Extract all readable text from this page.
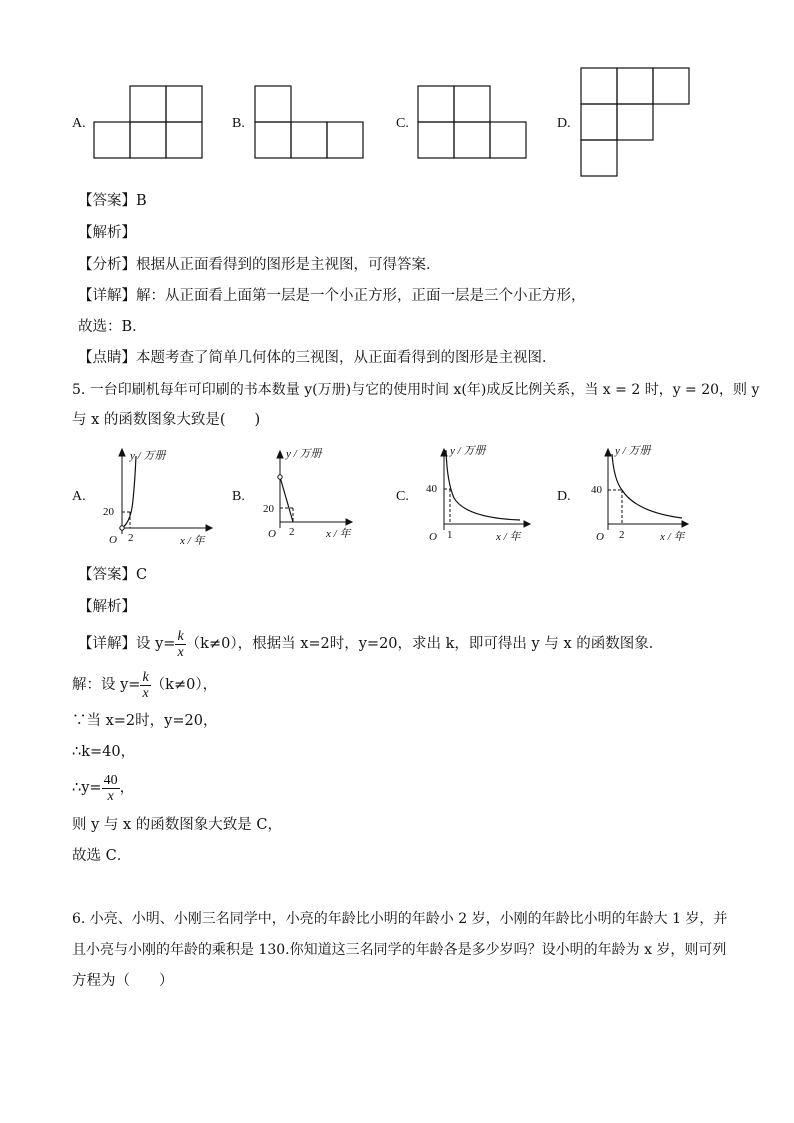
A.	B.	C.	D.
【答案】B
【解析】
【分析】根据从正面看得到的图形是主视图，可得答案．
【详解】解：从正面看上面第一层是一个小正方形，正面一层是三个小正方形，
故选：B．
【点睛】本题考查了简单几何体的三视图，从正面看得到的图形是主视图．
5. 一台印刷机每年可印刷的书本数量 y(万册)与它的使用时间 x(年)成反比例关系，当 x = 2 时，y = 20，则 y
与 x 的函数图象大致是(　　)
A.
y / 万册
20
O 2	x / 年
B.
y / 万册
20
O 2	x / 年
C.
y / 万册
40
O 1	x / 年
D.
y / 万册
40
O 2	x / 年
【答案】C
【解析】
【详解】设 $y= \frac{k}{x} (k\ne 0)$，根据当 x=2时，y=20，求出 k，即可得出 y 与 x 的函数图象．
解：设 $y= \frac{k}{x} (k\ne 0)$，
∵当 x=2时，y=20，
∴k=40，
∴y= $\frac{40}{x}$ ，
则 y 与 x 的函数图象大致是 C，
故选 C．
6. 小亮、小明、小刚三名同学中，小亮的年龄比小明的年龄小 2 岁，小刚的年龄比小明的年龄大 1 岁，并
且小亮与小刚的年龄的乘积是 130.你知道这三名同学的年龄各是多少岁吗？设小明的年龄为 x 岁，则可列
方程为（　　）
